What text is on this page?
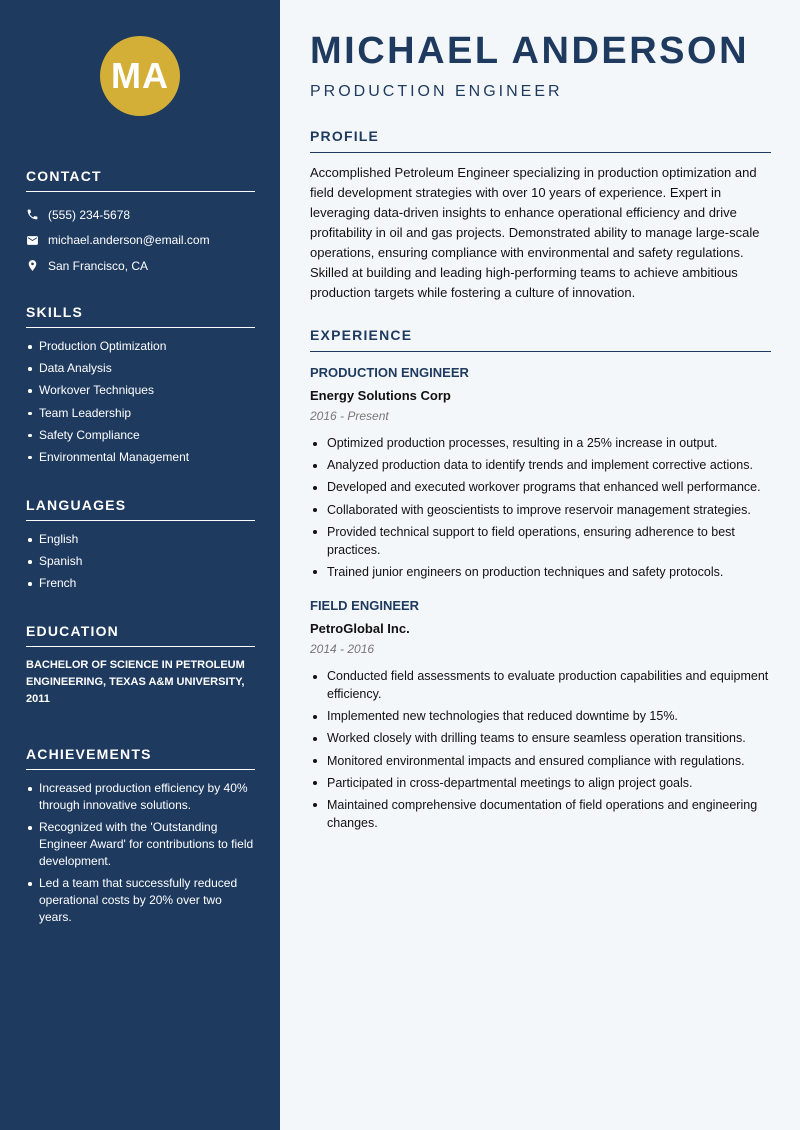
MA
CONTACT
(555) 234-5678
michael.anderson@email.com
San Francisco, CA
SKILLS
Production Optimization
Data Analysis
Workover Techniques
Team Leadership
Safety Compliance
Environmental Management
LANGUAGES
English
Spanish
French
EDUCATION
BACHELOR OF SCIENCE IN PETROLEUM ENGINEERING, TEXAS A&M UNIVERSITY, 2011
ACHIEVEMENTS
Increased production efficiency by 40% through innovative solutions.
Recognized with the 'Outstanding Engineer Award' for contributions to field development.
Led a team that successfully reduced operational costs by 20% over two years.
MICHAEL ANDERSON
PRODUCTION ENGINEER
PROFILE
Accomplished Petroleum Engineer specializing in production optimization and field development strategies with over 10 years of experience. Expert in leveraging data-driven insights to enhance operational efficiency and drive profitability in oil and gas projects. Demonstrated ability to manage large-scale operations, ensuring compliance with environmental and safety regulations. Skilled at building and leading high-performing teams to achieve ambitious production targets while fostering a culture of innovation.
EXPERIENCE
PRODUCTION ENGINEER
Energy Solutions Corp
2016 - Present
Optimized production processes, resulting in a 25% increase in output.
Analyzed production data to identify trends and implement corrective actions.
Developed and executed workover programs that enhanced well performance.
Collaborated with geoscientists to improve reservoir management strategies.
Provided technical support to field operations, ensuring adherence to best practices.
Trained junior engineers on production techniques and safety protocols.
FIELD ENGINEER
PetroGlobal Inc.
2014 - 2016
Conducted field assessments to evaluate production capabilities and equipment efficiency.
Implemented new technologies that reduced downtime by 15%.
Worked closely with drilling teams to ensure seamless operation transitions.
Monitored environmental impacts and ensured compliance with regulations.
Participated in cross-departmental meetings to align project goals.
Maintained comprehensive documentation of field operations and engineering changes.
